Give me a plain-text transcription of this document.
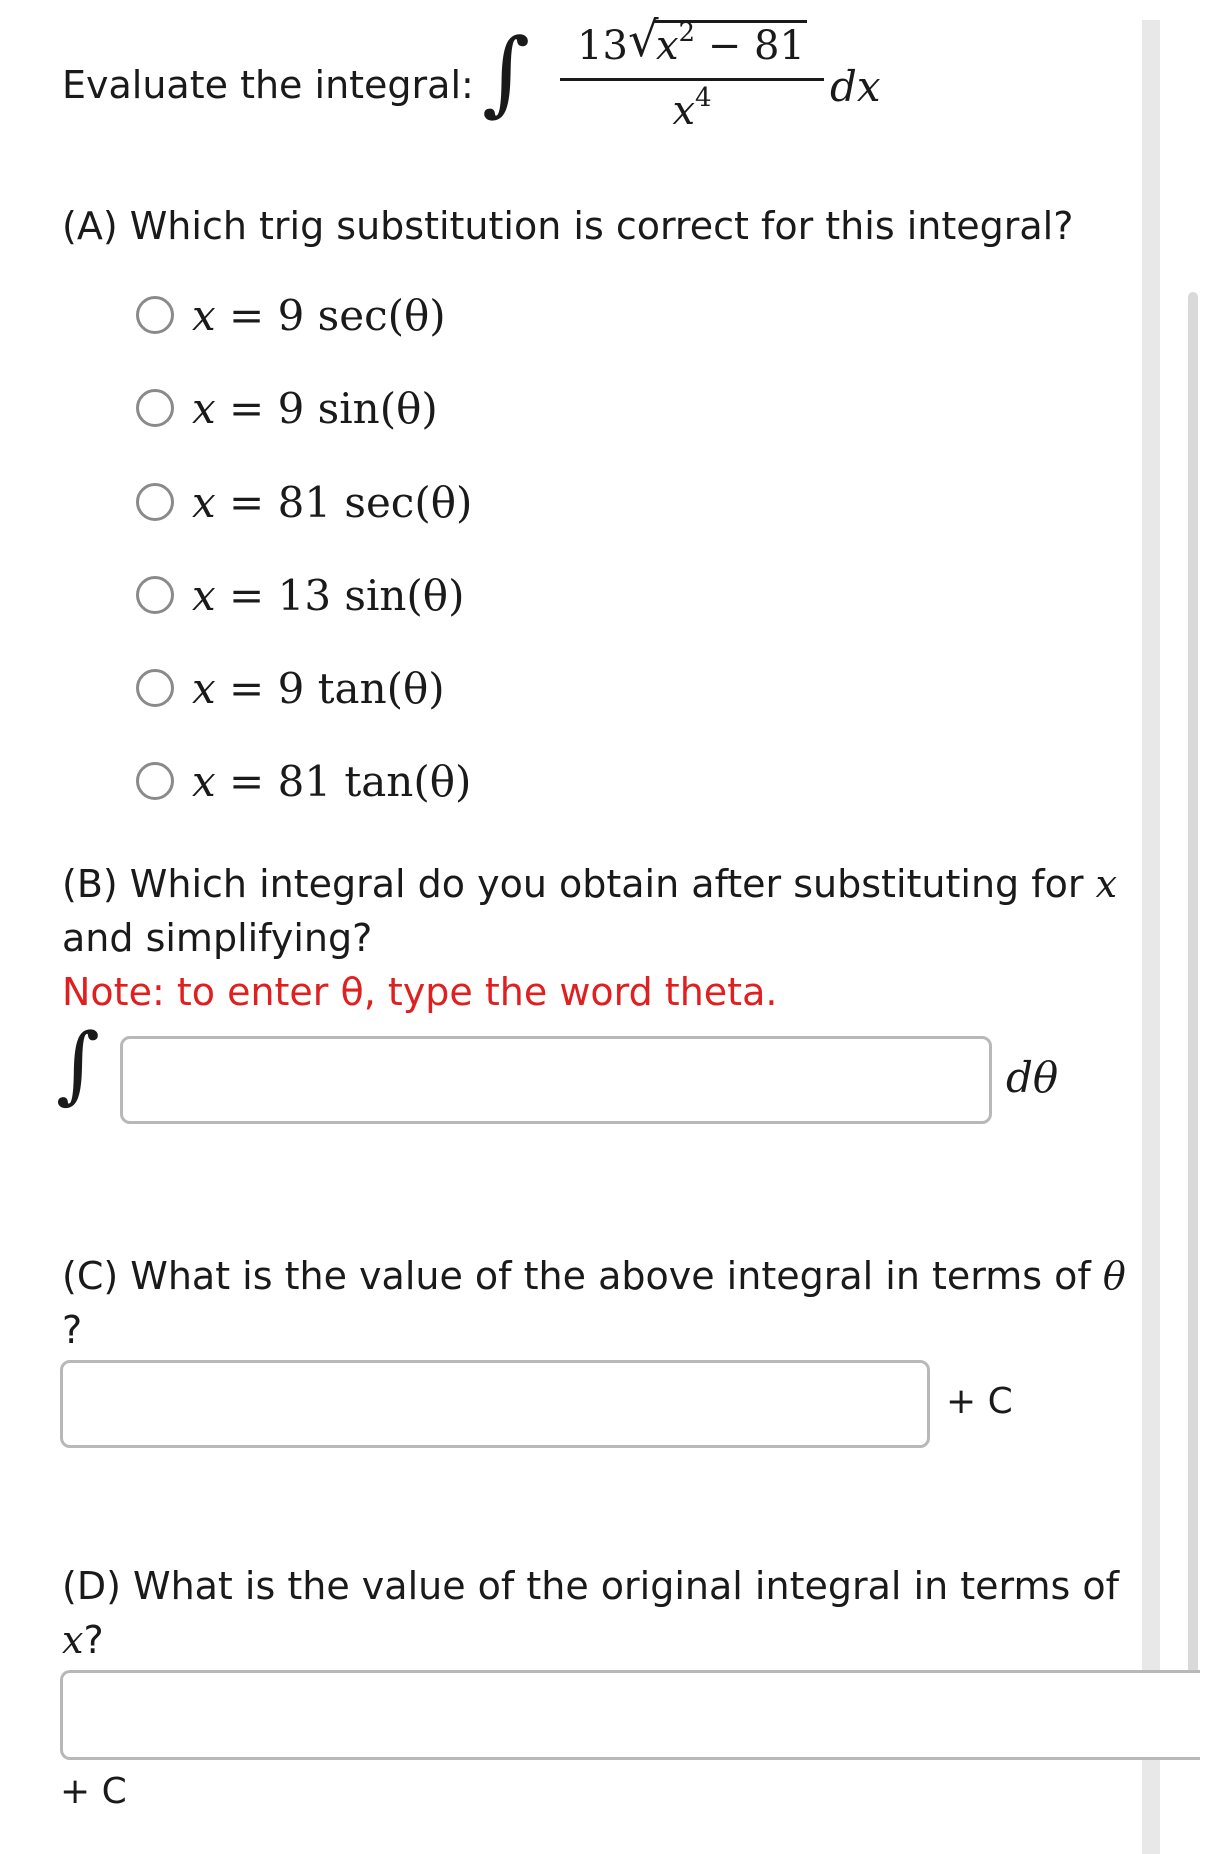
Evaluate the integral: ∫	13 √
$x^2 - 81$
$x^4$	dx
(A) Which trig substitution is correct for this integral?
x = 9 sec(θ)
x = 9 sin(θ)
x = 81 sec(θ)
x = 13 sin(θ)
x = 9 tan(θ)
x = 81 tan(θ)
(B) Which integral do you obtain after substituting for x
and simplifying?
Note: to enter θ, type the word theta.
∫	dθ
(C) What is the value of the above integral in terms of θ
?
+ C
(D) What is the value of the original integral in terms of
x?
+ C
